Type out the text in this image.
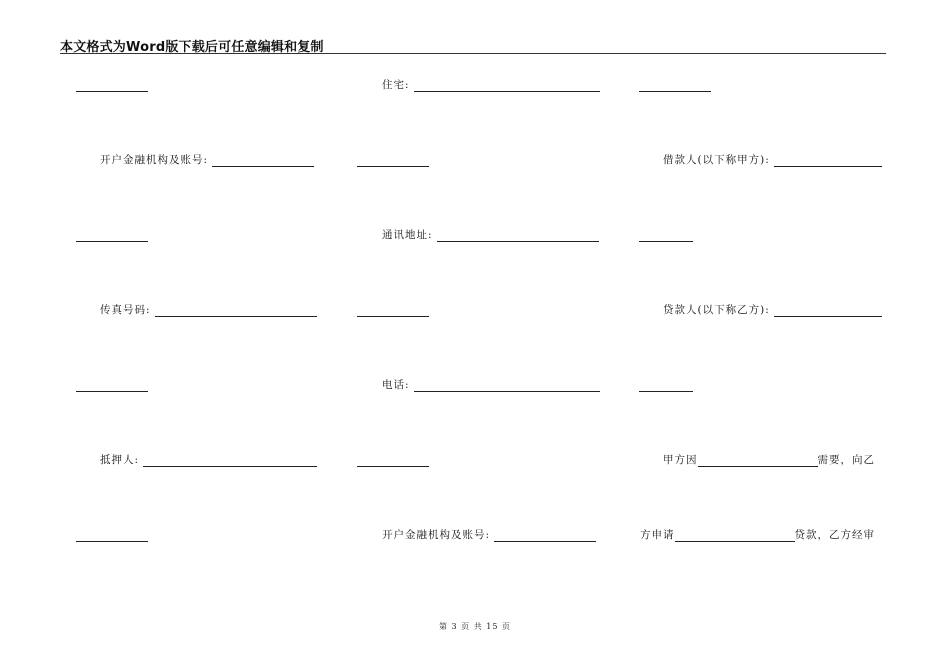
本文格式为Word版下载后可任意编辑和复制
住宅:
开户金融机构及账号:	借款人(以下称甲方):
通讯地址:
传真号码:	贷款人(以下称乙方):
电话:
抵押人:	甲方因	需要，向乙
开户金融机构及账号:	方申请	贷款，乙方经审
第 3 页 共 15 页
